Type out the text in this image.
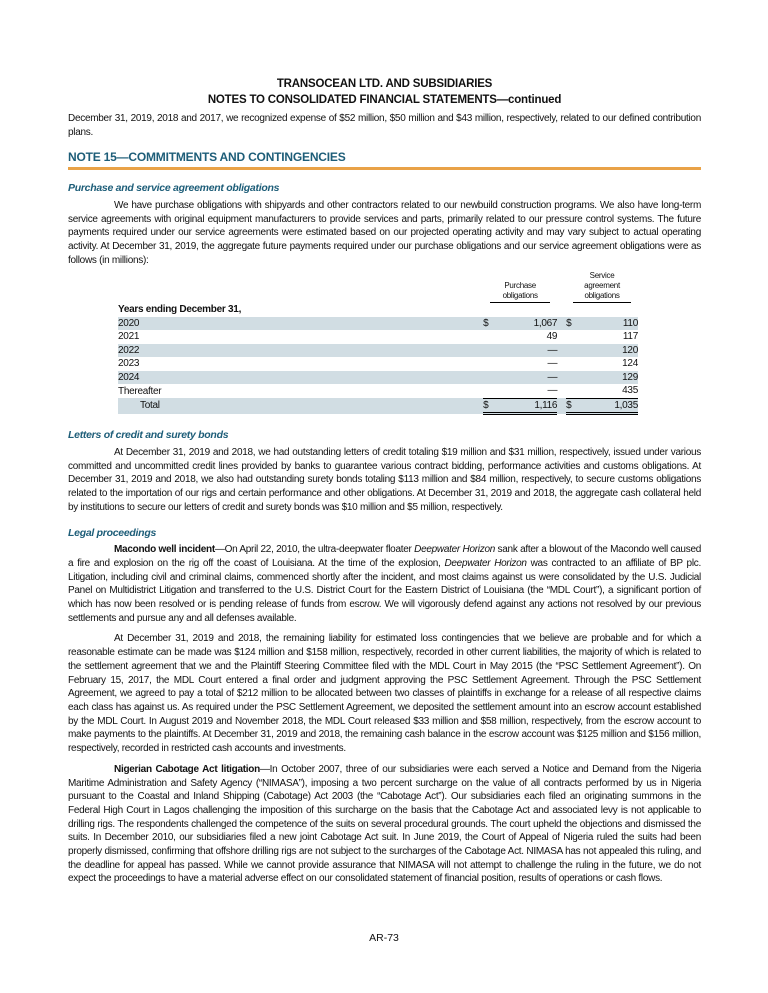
TRANSOCEAN LTD. AND SUBSIDIARIES
NOTES TO CONSOLIDATED FINANCIAL STATEMENTS—continued

December 31, 2019, 2018 and 2017, we recognized expense of $52 million, $50 million and $43 million, respectively, related to our defined contribution plans.

NOTE 15—COMMITMENTS AND CONTINGENCIES
Purchase and service agreement obligations

We have purchase obligations with shipyards and other contractors related to our newbuild construction programs. We also have long-term service agreements with original equipment manufacturers to provide services and parts, primarily related to our pressure control systems. The future payments required under our service agreements were estimated based on our projected operating activity and may vary subject to actual operating activity. At December 31, 2019, the aggregate future payments required under our purchase obligations and our service agreement obligations were as follows (in millions):

	Purchase obligations			Service agreement obligations	
Years ending December 31,					
2020	$	1,067		$	110
2021		49			117
2022		—			120
2023		—			124
2024		—			129
Thereafter		—			435
Total	$	1,116		$	1,035
Letters of credit and surety bonds

At December 31, 2019 and 2018, we had outstanding letters of credit totaling $19 million and $31 million, respectively, issued under various committed and uncommitted credit lines provided by banks to guarantee various contract bidding, performance activities and customs obligations. At December 31, 2019 and 2018, we also had outstanding surety bonds totaling $113 million and $84 million, respectively, to secure customs obligations related to the importation of our rigs and certain performance and other obligations. At December 31, 2019 and 2018, the aggregate cash collateral held by institutions to secure our letters of credit and surety bonds was $10 million and $5 million, respectively.

Legal proceedings

Macondo well incident—On April 22, 2010, the ultra-deepwater floater Deepwater Horizon sank after a blowout of the Macondo well caused a fire and explosion on the rig off the coast of Louisiana. At the time of the explosion, Deepwater Horizon was contracted to an affiliate of BP plc. Litigation, including civil and criminal claims, commenced shortly after the incident, and most claims against us were consolidated by the U.S. Judicial Panel on Multidistrict Litigation and transferred to the U.S. District Court for the Eastern District of Louisiana (the “MDL Court”), a significant portion of which has now been resolved or is pending release of funds from escrow. We will vigorously defend against any actions not resolved by our previous settlements and pursue any and all defenses available.

At December 31, 2019 and 2018, the remaining liability for estimated loss contingencies that we believe are probable and for which a reasonable estimate can be made was $124 million and $158 million, respectively, recorded in other current liabilities, the majority of which is related to the settlement agreement that we and the Plaintiff Steering Committee filed with the MDL Court in May 2015 (the “PSC Settlement Agreement”). On February 15, 2017, the MDL Court entered a final order and judgment approving the PSC Settlement Agreement. Through the PSC Settlement Agreement, we agreed to pay a total of $212 million to be allocated between two classes of plaintiffs in exchange for a release of all respective claims each class has against us. As required under the PSC Settlement Agreement, we deposited the settlement amount into an escrow account established by the MDL Court. In August 2019 and November 2018, the MDL Court released $33 million and $58 million, respectively, from the escrow account to make payments to the plaintiffs. At December 31, 2019 and 2018, the remaining cash balance in the escrow account was $125 million and $156 million, respectively, recorded in restricted cash accounts and investments.

Nigerian Cabotage Act litigation—In October 2007, three of our subsidiaries were each served a Notice and Demand from the Nigeria Maritime Administration and Safety Agency (“NIMASA”), imposing a two percent surcharge on the value of all contracts performed by us in Nigeria pursuant to the Coastal and Inland Shipping (Cabotage) Act 2003 (the “Cabotage Act”). Our subsidiaries each filed an originating summons in the Federal High Court in Lagos challenging the imposition of this surcharge on the basis that the Cabotage Act and associated levy is not applicable to drilling rigs. The respondents challenged the competence of the suits on several procedural grounds. The court upheld the objections and dismissed the suits. In December 2010, our subsidiaries filed a new joint Cabotage Act suit. In June 2019, the Court of Appeal of Nigeria ruled the suits had been properly dismissed, confirming that offshore drilling rigs are not subject to the surcharges of the Cabotage Act. NIMASA has not appealed this ruling, and the deadline for appeal has passed. While we cannot provide assurance that NIMASA will not attempt to challenge the ruling in the future, we do not expect the proceedings to have a material adverse effect on our consolidated statement of financial position, results of operations or cash flows.

AR-73
